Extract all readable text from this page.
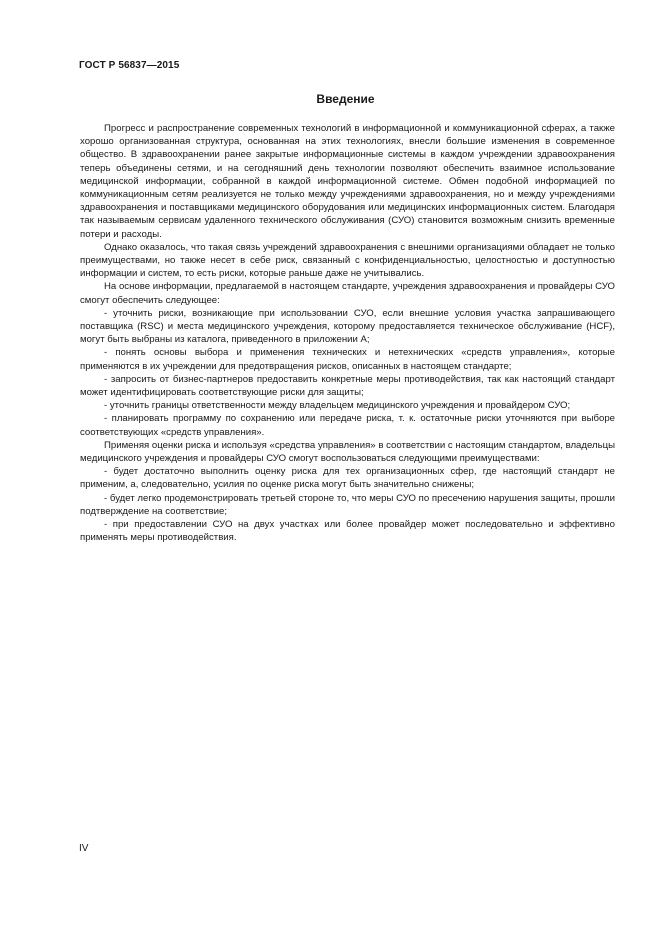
ГОСТ Р 56837—2015
Введение

Прогресс и распространение современных технологий в информационной и коммуникационной сферах, а также хорошо организованная структура, основанная на этих технологиях, внесли большие изменения в современное общество. В здравоохранении ранее закрытые информационные системы в каждом учреждении здравоохранения теперь объединены сетями, и на сегодняшний день технологии позволяют обеспечить взаимное использование медицинской информации, собранной в каждой информационной системе. Обмен подобной информацией по коммуникационным сетям реализуется не только между учреждениями здравоохранения, но и между учреждениями здравоохранения и поставщиками медицинского оборудования или медицинских информационных систем. Благодаря так называемым сервисам удаленного технического обслуживания (СУО) становится возможным снизить временные потери и расходы.

Однако оказалось, что такая связь учреждений здравоохранения с внешними организациями обладает не только преимуществами, но также несет в себе риск, связанный с конфиденциальностью, целостностью и доступностью информации и систем, то есть риски, которые раньше даже не учитывались.

На основе информации, предлагаемой в настоящем стандарте, учреждения здравоохранения и провайдеры СУО смогут обеспечить следующее:

- уточнить риски, возникающие при использовании СУО, если внешние условия участка запрашивающего поставщика (RSC) и места медицинского учреждения, которому предоставляется техническое обслуживание (HCF), могут быть выбраны из каталога, приведенного в приложении А;

- понять основы выбора и применения технических и нетехнических «средств управления», которые применяются в их учреждении для предотвращения рисков, описанных в настоящем стандарте;

- запросить от бизнес-партнеров предоставить конкретные меры противодействия, так как настоящий стандарт может идентифицировать соответствующие риски для защиты;

- уточнить границы ответственности между владельцем медицинского учреждения и провайдером СУО;

- планировать программу по сохранению или передаче риска, т. к. остаточные риски уточняются при выборе соответствующих «средств управления».

Применяя оценки риска и используя «средства управления» в соответствии с настоящим стандартом, владельцы медицинского учреждения и провайдеры СУО смогут воспользоваться следующими преимуществами:

- будет достаточно выполнить оценку риска для тех организационных сфер, где настоящий стандарт не применим, а, следовательно, усилия по оценке риска могут быть значительно снижены;

- будет легко продемонстрировать третьей стороне то, что меры СУО по пресечению нарушения защиты, прошли подтверждение на соответствие;

- при предоставлении СУО на двух участках или более провайдер может последовательно и эффективно применять меры противодействия.

IV
